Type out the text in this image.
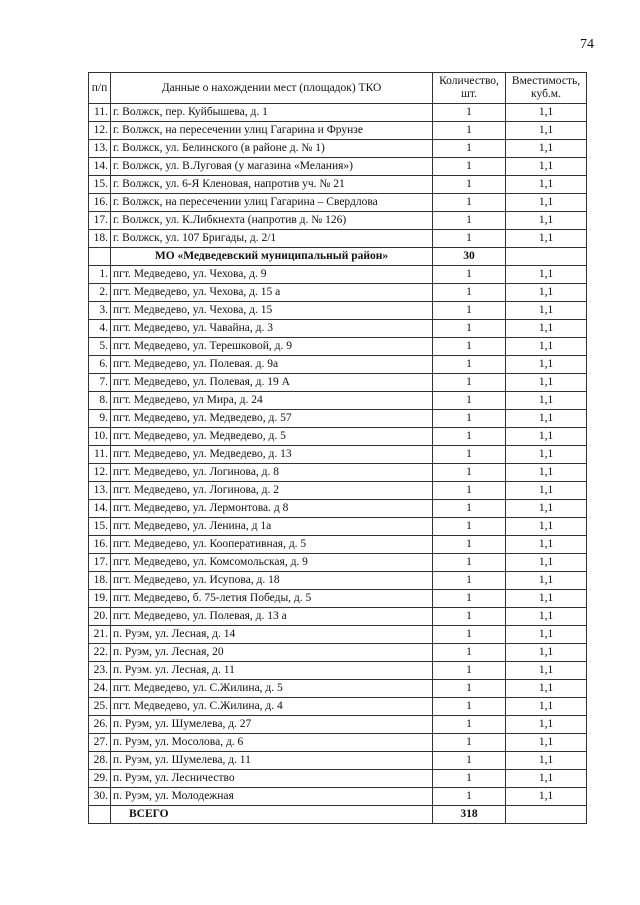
74
п/п	Данные о нахождении мест (площадок) ТКО	Количество, шт.	Вместимость, куб.м.
11.	г. Волжск, пер. Куйбышева, д. 1	1	1,1
12.	г. Волжск, на пересечении улиц Гагарина и Фрунзе	1	1,1
13.	г. Волжск, ул. Белинского (в районе д. № 1)	1	1,1
14.	г. Волжск, ул. В.Луговая (у магазина «Мелания»)	1	1,1
15.	г. Волжск, ул. 6-Я Кленовая, напротив уч. № 21	1	1,1
16.	г. Волжск, на пересечении улиц Гагарина – Свердлова	1	1,1
17.	г. Волжск, ул. К.Либкнехта (напротив д. № 126)	1	1,1
18.	г. Волжск, ул. 107 Бригады, д. 2/1	1	1,1
	МО «Медведевский муниципальный район»	30	
1.	пгт. Медведево, ул. Чехова, д. 9	1	1,1
2.	пгт. Медведево, ул. Чехова, д. 15 а	1	1,1
3.	пгт. Медведево, ул. Чехова, д. 15	1	1,1
4.	пгт. Медведево, ул. Чавайна, д. 3	1	1,1
5.	пгт. Медведево, ул. Терешковой, д. 9	1	1,1
6.	пгт. Медведево, ул. Полевая. д. 9а	1	1,1
7.	пгт. Медведево, ул. Полевая, д. 19 А	1	1,1
8.	пгт. Медведево, ул Мира, д. 24	1	1,1
9.	пгт. Медведево, ул. Медведево, д. 57	1	1,1
10.	пгт. Медведево, ул. Медведево, д. 5	1	1,1
11.	пгт. Медведево, ул. Медведево, д. 13	1	1,1
12.	пгт. Медведево, ул. Логинова, д. 8	1	1,1
13.	пгт. Медведево, ул. Логинова, д. 2	1	1,1
14.	пгт. Медведево, ул. Лермонтова. д 8	1	1,1
15.	пгт. Медведево, ул. Ленина, д 1а	1	1,1
16.	пгт. Медведево, ул. Кооперативная, д. 5	1	1,1
17.	пгт. Медведево, ул. Комсомольская, д. 9	1	1,1
18.	пгт. Медведево, ул. Исупова, д. 18	1	1,1
19.	пгт. Медведево, б. 75-летия Победы, д. 5	1	1,1
20.	пгт. Медведево, ул. Полевая, д. 13 а	1	1,1
21.	п. Руэм, ул. Лесная, д. 14	1	1,1
22.	п. Руэм, ул. Лесная, 20	1	1,1
23.	п. Руэм. ул. Лесная, д. 11	1	1,1
24.	пгт. Медведево, ул. С.Жилина, д. 5	1	1,1
25.	пгт. Медведево, ул. С.Жилина, д. 4	1	1,1
26.	п. Руэм, ул. Шумелева, д. 27	1	1,1
27.	п. Руэм, ул. Мосолова, д. 6	1	1,1
28.	п. Руэм, ул. Шумелева, д. 11	1	1,1
29.	п. Руэм, ул. Лесничество	1	1,1
30.	п. Руэм, ул. Молодежная	1	1,1
	ВСЕГО	318	
